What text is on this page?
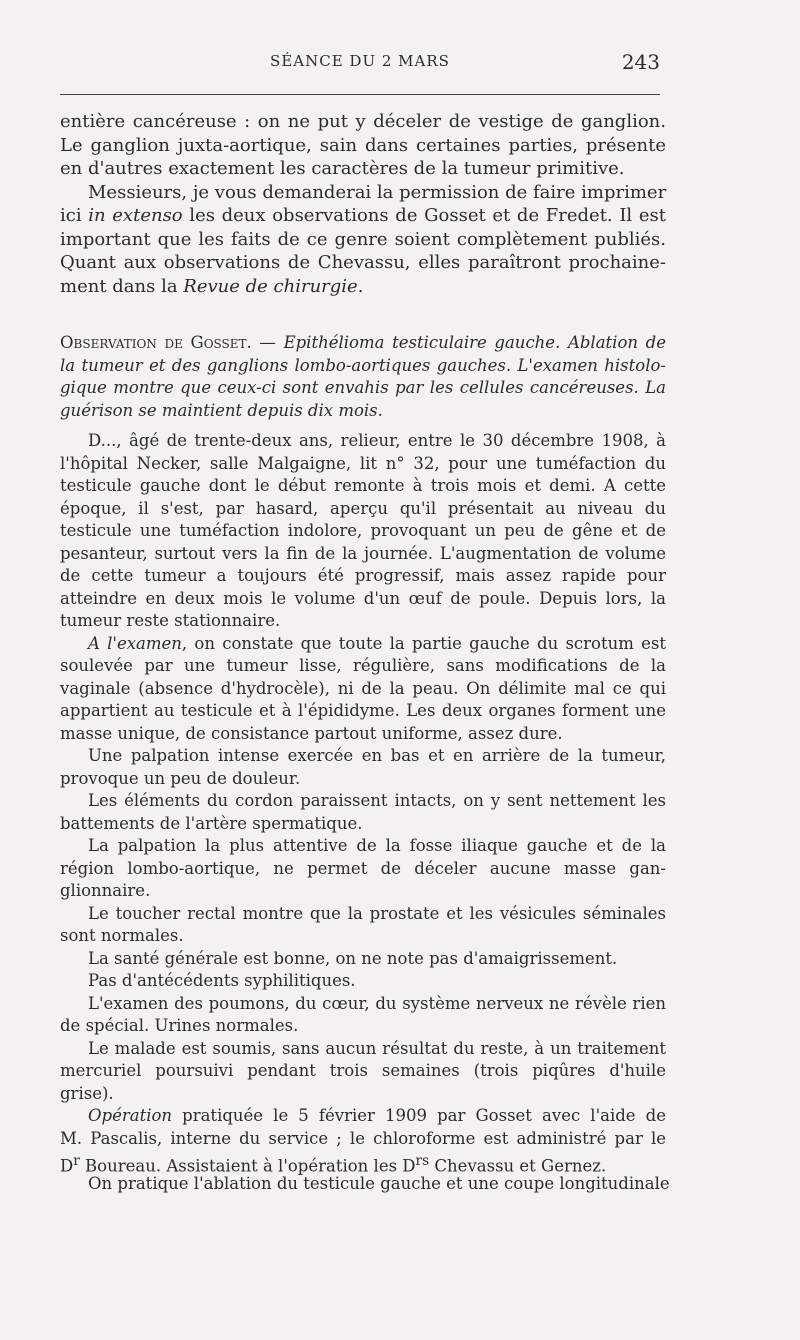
SÉANCE DU 2 MARS	243
entière cancéreuse : on ne put y déceler de vestige de ganglion.
Le ganglion juxta-aortique, sain dans certaines parties, présente
en d'autres exactement les caractères de la tumeur primitive.
Messieurs, je vous demanderai la permission de faire imprimer
ici in extenso les deux observations de Gosset et de Fredet. Il est
important que les faits de ce genre soient complètement publiés.
Quant aux observations de Chevassu, elles paraîtront prochaine-
ment dans la Revue de chirurgie.
Observation de Gosset. — Epithélioma testiculaire gauche. Ablation de
la tumeur et des ganglions lombo-aortiques gauches. L'examen histolo-
gique montre que ceux-ci sont envahis par les cellules cancéreuses. La
guérison se maintient depuis dix mois.
D..., âgé de trente-deux ans, relieur, entre le 30 décembre 1908, à
l'hôpital Necker, salle Malgaigne, lit n° 32, pour une tuméfaction du
testicule gauche dont le début remonte à trois mois et demi. A cette
époque, il s'est, par hasard, aperçu qu'il présentait au niveau du
testicule une tuméfaction indolore, provoquant un peu de gêne et de
pesanteur, surtout vers la fin de la journée. L'augmentation de volume
de cette tumeur a toujours été progressif, mais assez rapide pour
atteindre en deux mois le volume d'un œuf de poule. Depuis lors, la
tumeur reste stationnaire.
A l'examen, on constate que toute la partie gauche du scrotum est
soulevée par une tumeur lisse, régulière, sans modifications de la
vaginale (absence d'hydrocèle), ni de la peau. On délimite mal ce qui
appartient au testicule et à l'épididyme. Les deux organes forment une
masse unique, de consistance partout uniforme, assez dure.
Une palpation intense exercée en bas et en arrière de la tumeur,
provoque un peu de douleur.
Les éléments du cordon paraissent intacts, on y sent nettement les
battements de l'artère spermatique.
La palpation la plus attentive de la fosse iliaque gauche et de la
région lombo-aortique, ne permet de déceler aucune masse gan-
glionnaire.
Le toucher rectal montre que la prostate et les vésicules séminales
sont normales.
La santé générale est bonne, on ne note pas d'amaigrissement.
Pas d'antécédents syphilitiques.
L'examen des poumons, du cœur, du système nerveux ne révèle rien
de spécial. Urines normales.
Le malade est soumis, sans aucun résultat du reste, à un traitement
mercuriel poursuivi pendant trois semaines (trois piqûres d'huile
grise).
Opération pratiquée le 5 février 1909 par Gosset avec l'aide de
M. Pascalis, interne du service ; le chloroforme est administré par le
$D^r$ Boureau. Assistaient à l'opération les $D^{rs}$ Chevassu et Gernez.
On pratique l'ablation du testicule gauche et une coupe longitudinale
